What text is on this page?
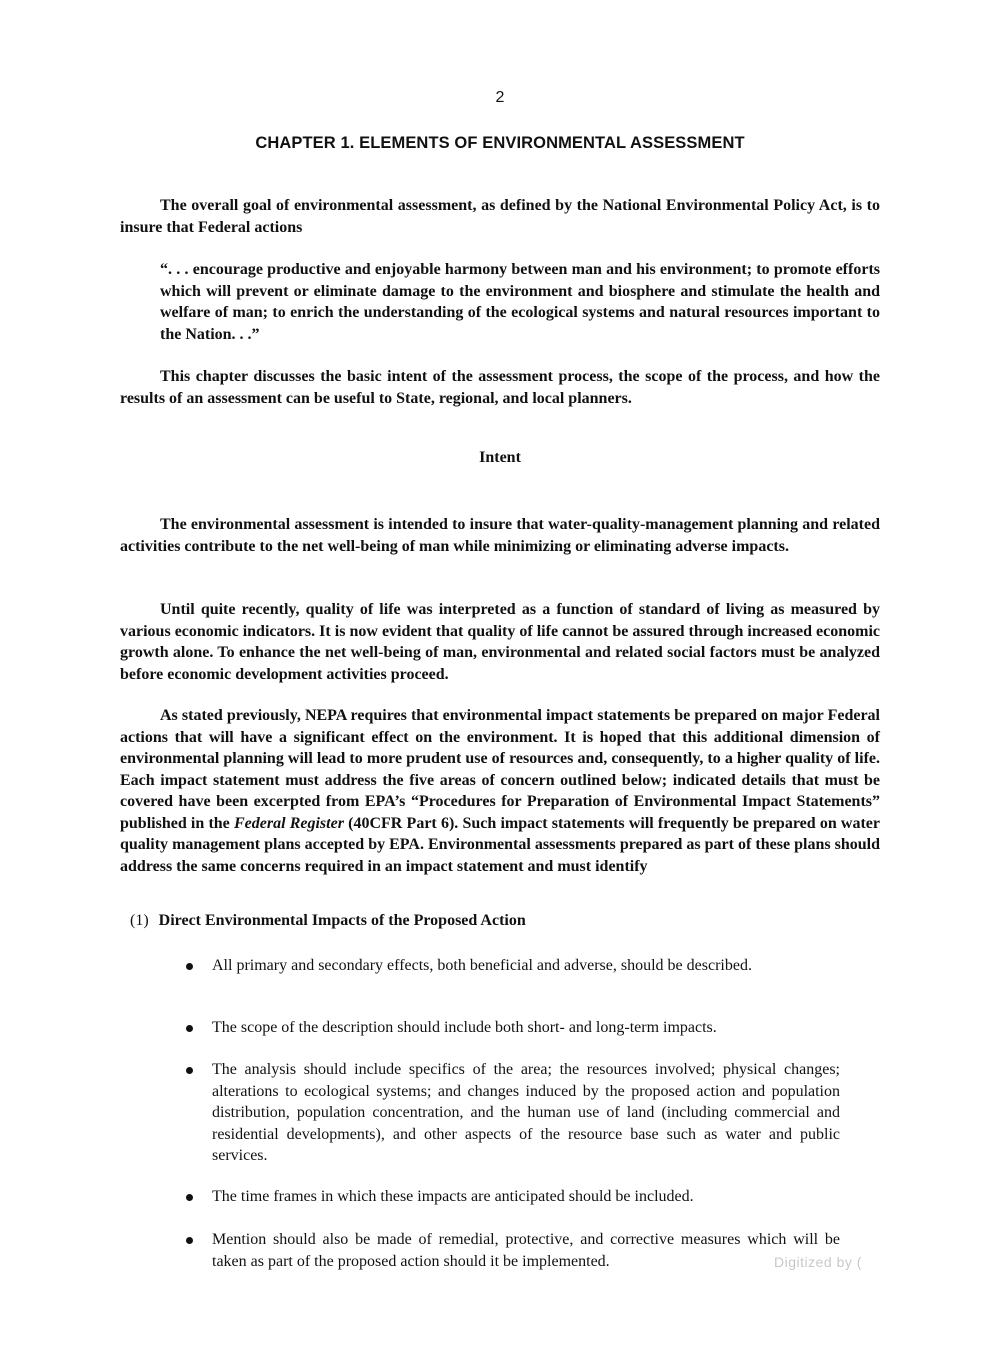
2
CHAPTER 1. ELEMENTS OF ENVIRONMENTAL ASSESSMENT

The overall goal of environmental assessment, as defined by the National Environmental Policy Act, is to insure that Federal actions

“. . . encourage productive and enjoyable harmony between man and his environment; to promote efforts which will prevent or eliminate damage to the environment and biosphere and stimulate the health and welfare of man; to enrich the understanding of the ecological systems and natural resources important to the Nation. . .”

This chapter discusses the basic intent of the assessment process, the scope of the process, and how the results of an assessment can be useful to State, regional, and local planners.

Intent

The environmental assessment is intended to insure that water-quality-management planning and related activities contribute to the net well-being of man while minimizing or eliminating adverse impacts.

Until quite recently, quality of life was interpreted as a function of standard of living as measured by various economic indicators. It is now evident that quality of life cannot be assured through increased economic growth alone. To enhance the net well-being of man, environmental and related social factors must be analyzed before economic development activities proceed.

As stated previously, NEPA requires that environmental impact statements be prepared on major Federal actions that will have a significant effect on the environment. It is hoped that this additional dimension of environmental planning will lead to more prudent use of resources and, consequently, to a higher quality of life. Each impact statement must address the five areas of concern outlined below; indicated details that must be covered have been excerpted from EPA’s “Procedures for Preparation of Environmental Impact Statements” published in the Federal Register (40CFR Part 6). Such impact statements will frequently be prepared on water quality management plans accepted by EPA. Environmental assessments prepared as part of these plans should address the same concerns required in an impact statement and must identify

(1) Direct Environmental Impacts of the Proposed Action
All primary and secondary effects, both beneficial and adverse, should be described.
The scope of the description should include both short- and long-term impacts.
The analysis should include specifics of the area; the resources involved; physical changes; alterations to ecological systems; and changes induced by the proposed action and population distribution, population concentration, and the human use of land (including commercial and residential developments), and other aspects of the resource base such as water and public services.
The time frames in which these impacts are anticipated should be included.
Mention should also be made of remedial, protective, and corrective measures which will be taken as part of the proposed action should it be implemented.	Digitized by (
